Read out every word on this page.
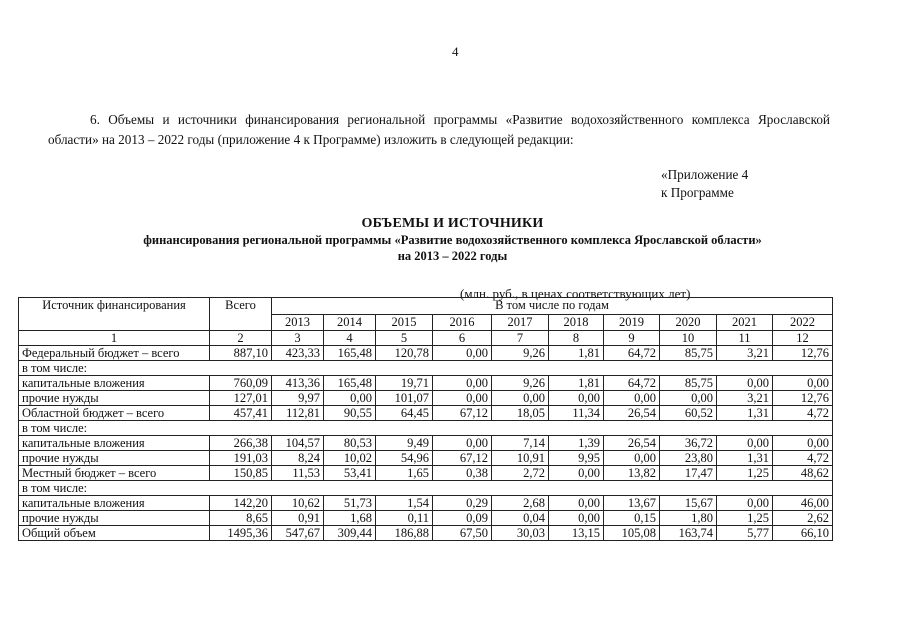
4

6. Объемы и источники финансирования региональной программы «Развитие водохозяйственного комплекса Ярославской области» на 2013 – 2022 годы (приложение 4 к Программе) изложить в следующей редакции:

«Приложение 4
к Программе
ОБЪЕМЫ И ИСТОЧНИКИ
финансирования региональной программы «Развитие водохозяйственного комплекса Ярославской области»
на 2013 – 2022 годы
(млн. руб., в ценах соответствующих лет)
Источник финансирования	Всего	В том числе по годам									
		2013	2014	2015	2016	2017	2018	2019	2020	2021	2022
1	2	3	4	5	6	7	8	9	10	11	12
Федеральный бюджет – всего	887,10	423,33	165,48	120,78	0,00	9,26	1,81	64,72	85,75	3,21	12,76
в том числе:											
капитальные вложения	760,09	413,36	165,48	19,71	0,00	9,26	1,81	64,72	85,75	0,00	0,00
прочие нужды	127,01	9,97	0,00	101,07	0,00	0,00	0,00	0,00	0,00	3,21	12,76
Областной бюджет – всего	457,41	112,81	90,55	64,45	67,12	18,05	11,34	26,54	60,52	1,31	4,72
в том числе:											
капитальные вложения	266,38	104,57	80,53	9,49	0,00	7,14	1,39	26,54	36,72	0,00	0,00
прочие нужды	191,03	8,24	10,02	54,96	67,12	10,91	9,95	0,00	23,80	1,31	4,72
Местный бюджет – всего	150,85	11,53	53,41	1,65	0,38	2,72	0,00	13,82	17,47	1,25	48,62
в том числе:											
капитальные вложения	142,20	10,62	51,73	1,54	0,29	2,68	0,00	13,67	15,67	0,00	46,00
прочие нужды	8,65	0,91	1,68	0,11	0,09	0,04	0,00	0,15	1,80	1,25	2,62
Общий объем	1495,36	547,67	309,44	186,88	67,50	30,03	13,15	105,08	163,74	5,77	66,10
